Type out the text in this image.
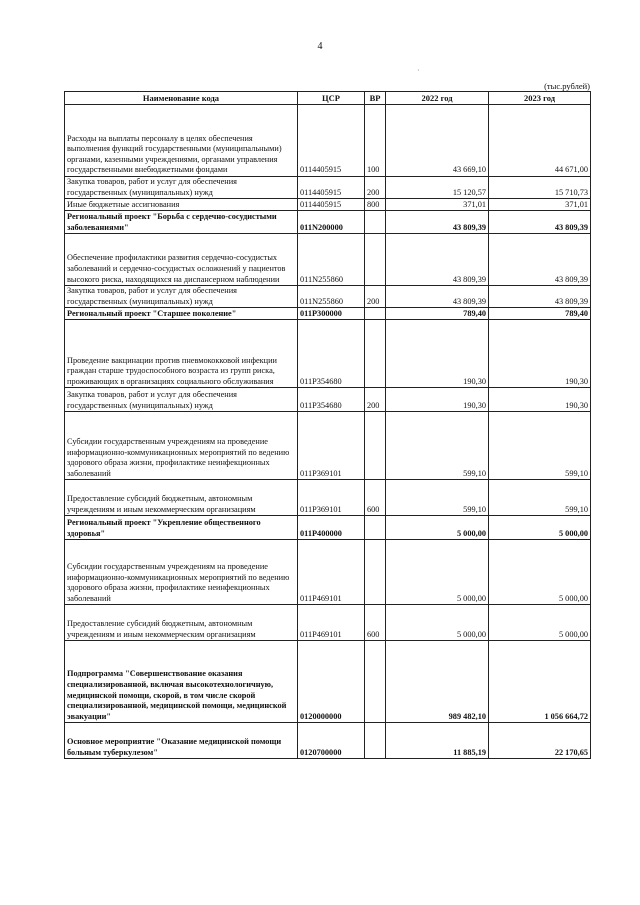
4
·
(тыс.рублей)
Наименование кода	ЦСР	ВР	2022 год	2023 год
Расходы на выплаты персоналу в целях обеспечения выполнения функций государственными (муниципальными) органами, казенными учреждениями, органами управления государственными внебюджетными фондами	0114405915	100	43 669,10	44 671,00
Закупка товаров, работ и услуг для обеспечения государственных (муниципальных) нужд	0114405915	200	15 120,57	15 710,73
Иные бюджетные ассигнования	0114405915	800	371,01	371,01
Региональный проект "Борьба с сердечно-сосудистыми заболеваниями"	011N200000		43 809,39	43 809,39
Обеспечение профилактики развития сердечно-сосудистых заболеваний и сердечно-сосудистых осложнений у пациентов высокого риска, находящихся на диспансерном наблюдении	011N255860		43 809,39	43 809,39
Закупка товаров, работ и услуг для обеспечения государственных (муниципальных) нужд	011N255860	200	43 809,39	43 809,39
Региональный проект "Старшее поколение"	011P300000		789,40	789,40
Проведение вакцинации против пневмококковой инфекции граждан старше трудоспособного возраста из групп риска, проживающих в организациях социального обслуживания	011P354680		190,30	190,30
Закупка товаров, работ и услуг для обеспечения государственных (муниципальных) нужд	011P354680	200	190,30	190,30
Субсидии государственным учреждениям на проведение информационно-коммуникационных мероприятий по ведению здорового образа жизни, профилактике неинфекционных заболеваний	011P369101		599,10	599,10
Предоставление субсидий бюджетным, автономным учреждениям и иным некоммерческим организациям	011P369101	600	599,10	599,10
Региональный проект "Укрепление общественного здоровья"	011P400000		5 000,00	5 000,00
Субсидии государственным учреждениям на проведение информационно-коммуникационных мероприятий по ведению здорового образа жизни, профилактике неинфекционных заболеваний	011P469101		5 000,00	5 000,00
Предоставление субсидий бюджетным, автономным учреждениям и иным некоммерческим организациям	011P469101	600	5 000,00	5 000,00
Подпрограмма "Совершенствование оказания специализированной, включая высокотехнологичную, медицинской помощи, скорой, в том числе скорой специализированной, медицинской помощи, медицинской эвакуации"	0120000000		989 482,10	1 056 664,72
Основное мероприятие "Оказание медицинской помощи больным туберкулезом"	0120700000		11 885,19	22 170,65
